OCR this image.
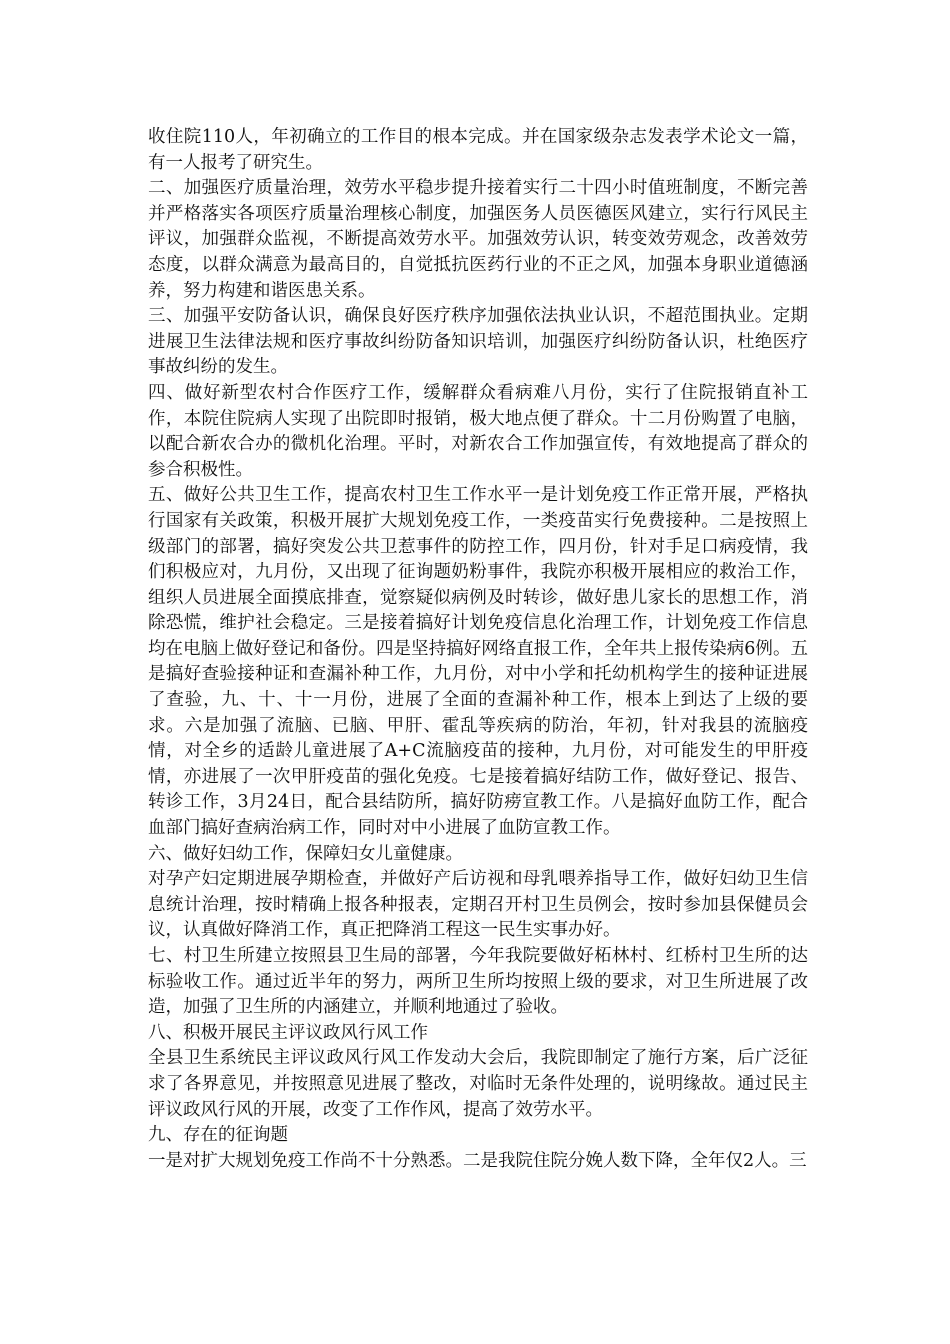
收住院110人，年初确立的工作目的根本完成。并在国家级杂志发表学术论文一篇，有一人报考了研究生。

二、加强医疗质量治理，效劳水平稳步提升接着实行二十四小时值班制度，不断完善并严格落实各项医疗质量治理核心制度，加强医务人员医德医风建立，实行行风民主评议，加强群众监视，不断提高效劳水平。加强效劳认识，转变效劳观念，改善效劳态度，以群众满意为最高目的，自觉抵抗医药行业的不正之风，加强本身职业道德涵养，努力构建和谐医患关系。

三、加强平安防备认识，确保良好医疗秩序加强依法执业认识，不超范围执业。定期进展卫生法律法规和医疗事故纠纷防备知识培训，加强医疗纠纷防备认识，杜绝医疗事故纠纷的发生。

四、做好新型农村合作医疗工作，缓解群众看病难八月份，实行了住院报销直补工作，本院住院病人实现了出院即时报销，极大地点便了群众。十二月份购置了电脑，以配合新农合办的微机化治理。平时，对新农合工作加强宣传，有效地提高了群众的参合积极性。

五、做好公共卫生工作，提高农村卫生工作水平一是计划免疫工作正常开展，严格执行国家有关政策，积极开展扩大规划免疫工作，一类疫苗实行免费接种。二是按照上级部门的部署，搞好突发公共卫惹事件的防控工作，四月份，针对手足口病疫情，我们积极应对，九月份，又出现了征询题奶粉事件，我院亦积极开展相应的救治工作，组织人员进展全面摸底排查，觉察疑似病例及时转诊，做好患儿家长的思想工作，消除恐慌，维护社会稳定。三是接着搞好计划免疫信息化治理工作，计划免疫工作信息均在电脑上做好登记和备份。四是坚持搞好网络直报工作，全年共上报传染病6例。五是搞好查验接种证和查漏补种工作，九月份，对中小学和托幼机构学生的接种证进展了查验，九、十、十一月份，进展了全面的查漏补种工作，根本上到达了上级的要求。六是加强了流脑、已脑、甲肝、霍乱等疾病的防治，年初，针对我县的流脑疫情，对全乡的适龄儿童进展了A+C流脑疫苗的接种，九月份，对可能发生的甲肝疫情，亦进展了一次甲肝疫苗的强化免疫。七是接着搞好结防工作，做好登记、报告、转诊工作，3月24日，配合县结防所，搞好防痨宣教工作。八是搞好血防工作，配合血部门搞好查病治病工作，同时对中小进展了血防宣教工作。

六、做好妇幼工作，保障妇女儿童健康。

对孕产妇定期进展孕期检查，并做好产后访视和母乳喂养指导工作，做好妇幼卫生信息统计治理，按时精确上报各种报表，定期召开村卫生员例会，按时参加县保健员会议，认真做好降消工作，真正把降消工程这一民生实事办好。

七、村卫生所建立按照县卫生局的部署，今年我院要做好柘林村、红桥村卫生所的达标验收工作。通过近半年的努力，两所卫生所均按照上级的要求，对卫生所进展了改造，加强了卫生所的内涵建立，并顺利地通过了验收。

八、积极开展民主评议政风行风工作

全县卫生系统民主评议政风行风工作发动大会后，我院即制定了施行方案，后广泛征求了各界意见，并按照意见进展了整改，对临时无条件处理的，说明缘故。通过民主评议政风行风的开展，改变了工作作风，提高了效劳水平。

九、存在的征询题

一是对扩大规划免疫工作尚不十分熟悉。二是我院住院分娩人数下降，全年仅2人。三
